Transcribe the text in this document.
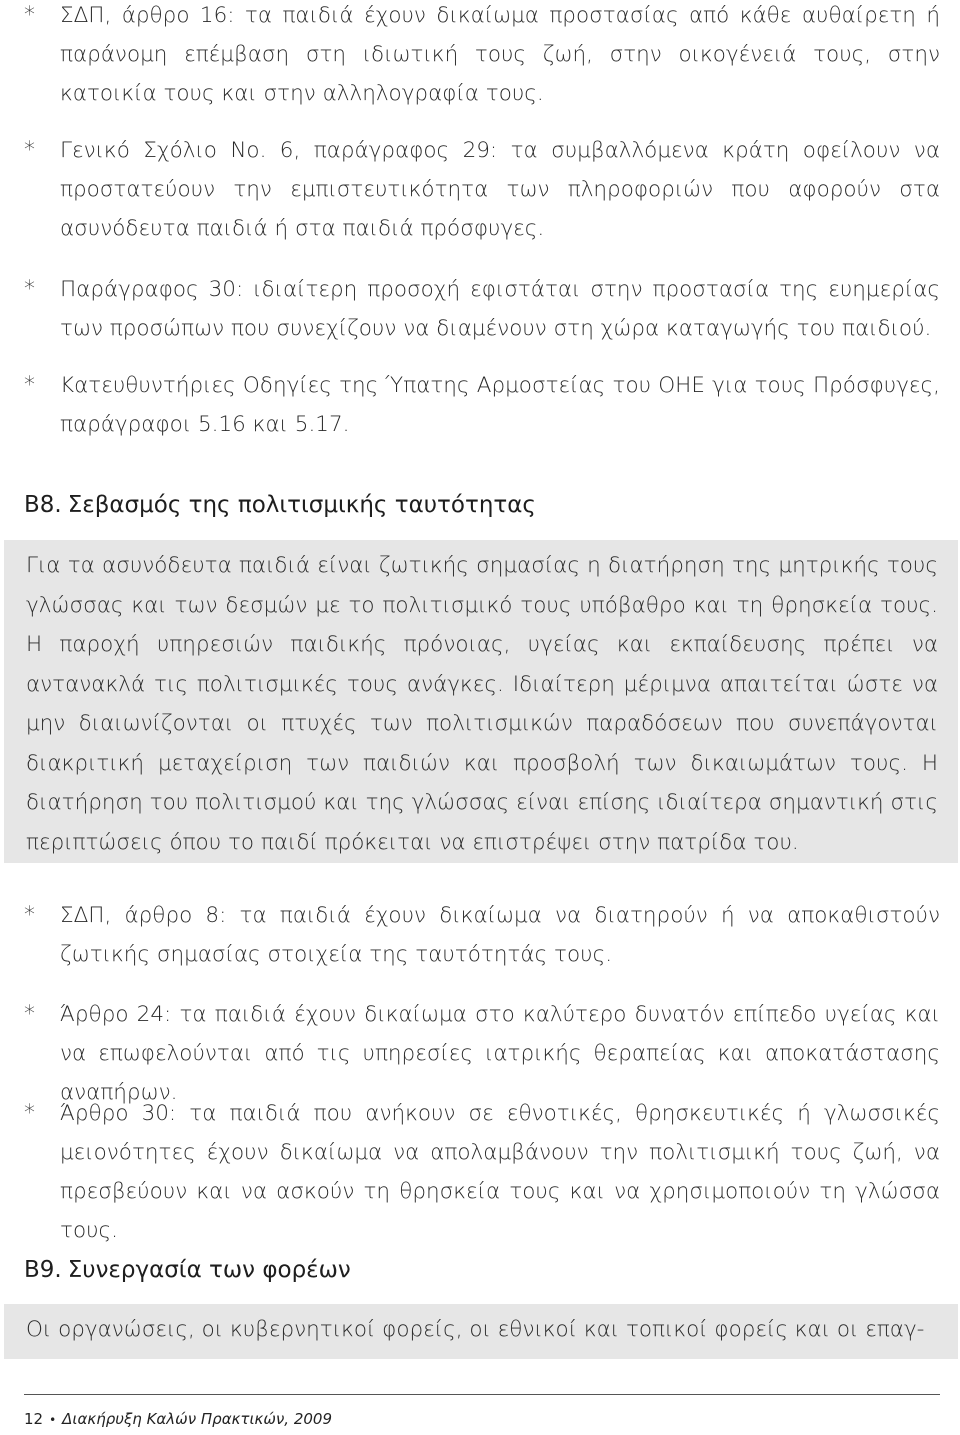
*	ΣΔΠ, άρθρο 16: τα παιδιά έχουν δικαίωμα προστασίας από κάθε αυθαίρετη ή παράνομη επέμβαση στη ιδιωτική τους ζωή, στην οικογένειά τους, στην κατοικία τους και στην αλληλογραφία τους.
*	Γενικό Σχόλιο Νο. 6, παράγραφος 29: τα συμβαλλόμενα κράτη οφείλουν να προστατεύουν την εμπιστευτικότητα των πληροφοριών που αφορούν στα ασυνόδευτα παιδιά ή στα παιδιά πρόσφυγες.
*	Παράγραφος 30: ιδιαίτερη προσοχή εφιστάται στην προστασία της ευημερίας των προσώπων που συνεχίζουν να διαμένουν στη χώρα καταγωγής του παιδιού.
*	Κατευθυντήριες Οδηγίες της Ύπατης Αρμοστείας του ΟΗΕ για τους Πρόσφυγες, παράγραφοι 5.16 και 5.17.
Β8. Σεβασμός της πολιτισμικής ταυτότητας

Για τα ασυνόδευτα παιδιά είναι ζωτικής σημασίας η διατήρηση της μητρικής τους γλώσσας και των δεσμών με το πολιτισμικό τους υπόβαθρο και τη θρησκεία τους. Η παροχή υπηρεσιών παιδικής πρόνοιας, υγείας και εκπαίδευσης πρέπει να αντανακλά τις πολιτισμικές τους ανάγκες. Ιδιαίτερη μέριμνα απαιτείται ώστε να μην διαιωνίζονται οι πτυχές των πολιτισμικών παραδόσεων που συνεπάγονται διακριτική μεταχείριση των παιδιών και προσβολή των δικαιωμάτων τους. Η διατήρηση του πολιτισμού και της γλώσσας είναι επίσης ιδιαίτερα σημαντική στις περιπτώσεις όπου το παιδί πρόκειται να επιστρέψει στην πατρίδα του.

*	ΣΔΠ, άρθρο 8: τα παιδιά έχουν δικαίωμα να διατηρούν ή να αποκαθιστούν ζωτικής σημασίας στοιχεία της ταυτότητάς τους.
*	Άρθρο 24: τα παιδιά έχουν δικαίωμα στο καλύτερο δυνατόν επίπεδο υγείας και να επωφελούνται από τις υπηρεσίες ιατρικής θεραπείας και αποκατάστασης αναπήρων.
*	Άρθρο 30: τα παιδιά που ανήκουν σε εθνοτικές, θρησκευτικές ή γλωσσικές μειονότητες έχουν δικαίωμα να απολαμβάνουν την πολιτισμική τους ζωή, να πρεσβεύουν και να ασκούν τη θρησκεία τους και να χρησιμοποιούν τη γλώσσα τους.
Β9. Συνεργασία των φορέων

Οι οργανώσεις, οι κυβερνητικοί φορείς, οι εθνικοί και τοπικοί φορείς και οι επαγ-

12 • Διακήρυξη Καλών Πρακτικών, 2009
